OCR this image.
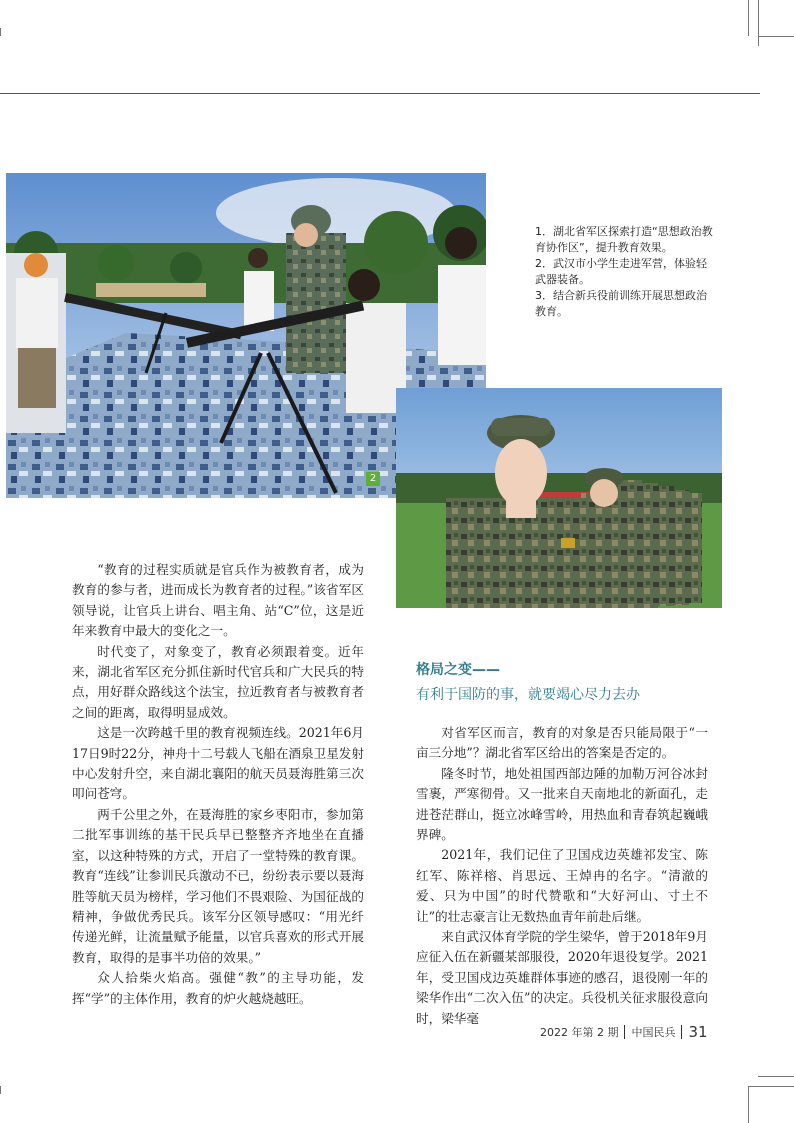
2

1．湖北省军区探索打造“思想政治教育协作区”，提升教育效果。

2．武汉市小学生走进军营，体验轻武器装备。

3．结合新兵役前训练开展思想政治教育。

“教育的过程实质就是官兵作为被教育者，成为教育的参与者，进而成长为教育者的过程。”该省军区领导说，让官兵上讲台、唱主角、站“C”位，这是近年来教育中最大的变化之一。

时代变了，对象变了，教育必须跟着变。近年来，湖北省军区充分抓住新时代官兵和广大民兵的特点，用好群众路线这个法宝，拉近教育者与被教育者之间的距离，取得明显成效。

这是一次跨越千里的教育视频连线。2021年6月17日9时22分，神舟十二号载人飞船在酒泉卫星发射中心发射升空，来自湖北襄阳的航天员聂海胜第三次叩问苍穹。

两千公里之外，在聂海胜的家乡枣阳市，参加第二批军事训练的基干民兵早已整整齐齐地坐在直播室，以这种特殊的方式，开启了一堂特殊的教育课。教育“连线”让参训民兵激动不已，纷纷表示要以聂海胜等航天员为榜样，学习他们不畏艰险、为国征战的精神，争做优秀民兵。该军分区领导感叹：“用光纤传递光鲜，让流量赋予能量，以官兵喜欢的形式开展教育，取得的是事半功倍的效果。”

众人拾柴火焰高。强健“教”的主导功能，发挥“学”的主体作用，教育的炉火越烧越旺。

格局之变——
有利于国防的事，就要竭心尽力去办

对省军区而言，教育的对象是否只能局限于“一亩三分地”？湖北省军区给出的答案是否定的。

隆冬时节，地处祖国西部边陲的加勒万河谷冰封雪裹，严寒彻骨。又一批来自天南地北的新面孔，走进苍茫群山，挺立冰峰雪岭，用热血和青春筑起巍峨界碑。

2021年，我们记住了卫国戍边英雄祁发宝、陈红军、陈祥榕、肖思远、王焯冉的名字。“清澈的爱、只为中国”的时代赞歌和“大好河山、寸土不让”的壮志豪言让无数热血青年前赴后继。

来自武汉体育学院的学生梁华，曾于2018年9月应征入伍在新疆某部服役，2020年退役复学。2021年，受卫国戍边英雄群体事迹的感召，退役刚一年的梁华作出“二次入伍”的决定。兵役机关征求服役意向时，梁华毫

2022 年第 2 期 中国民兵 31
